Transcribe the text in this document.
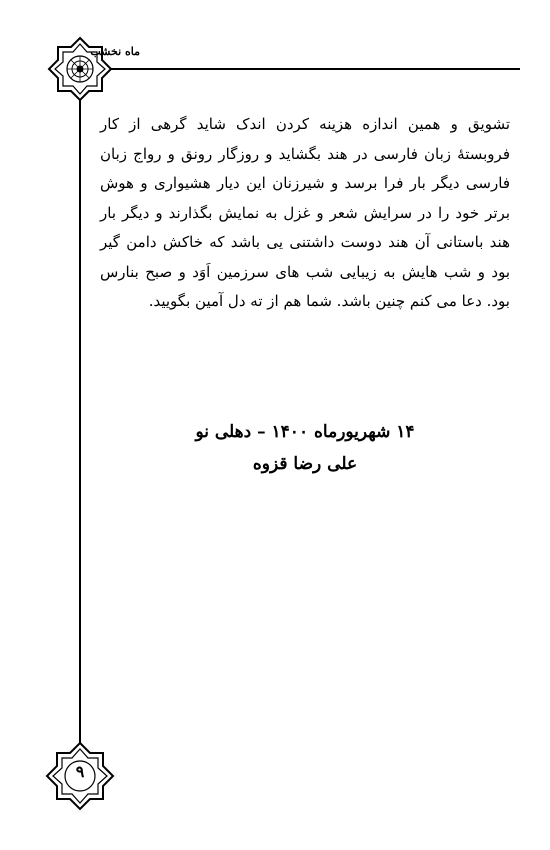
ماه نخشب
تشویق و همین اندازه هزینه کردن اندک شاید گرهی از کار فروبستهٔ زبان فارسی در هند بگشاید و روزگار رونق و رواج زبان فارسی دیگر بار فرا برسد و شیرزنان این دیار هشیواری و هوش برتر خود را در سرایش شعر و غزل به نمایش بگذارند و دیگر بار هند باستانی آن هند دوست داشتنی یی باشد که خاکش دامن گیر بود و شب هایش به زیبایی شب های سرزمین اَوَد و صبح بنارس بود. دعا می کنم چنین باشد. شما هم از ته دل آمین بگویید.
۱۴ شهریورماه ۱۴۰۰ – دهلی نو
علی رضا قزوه
۹
